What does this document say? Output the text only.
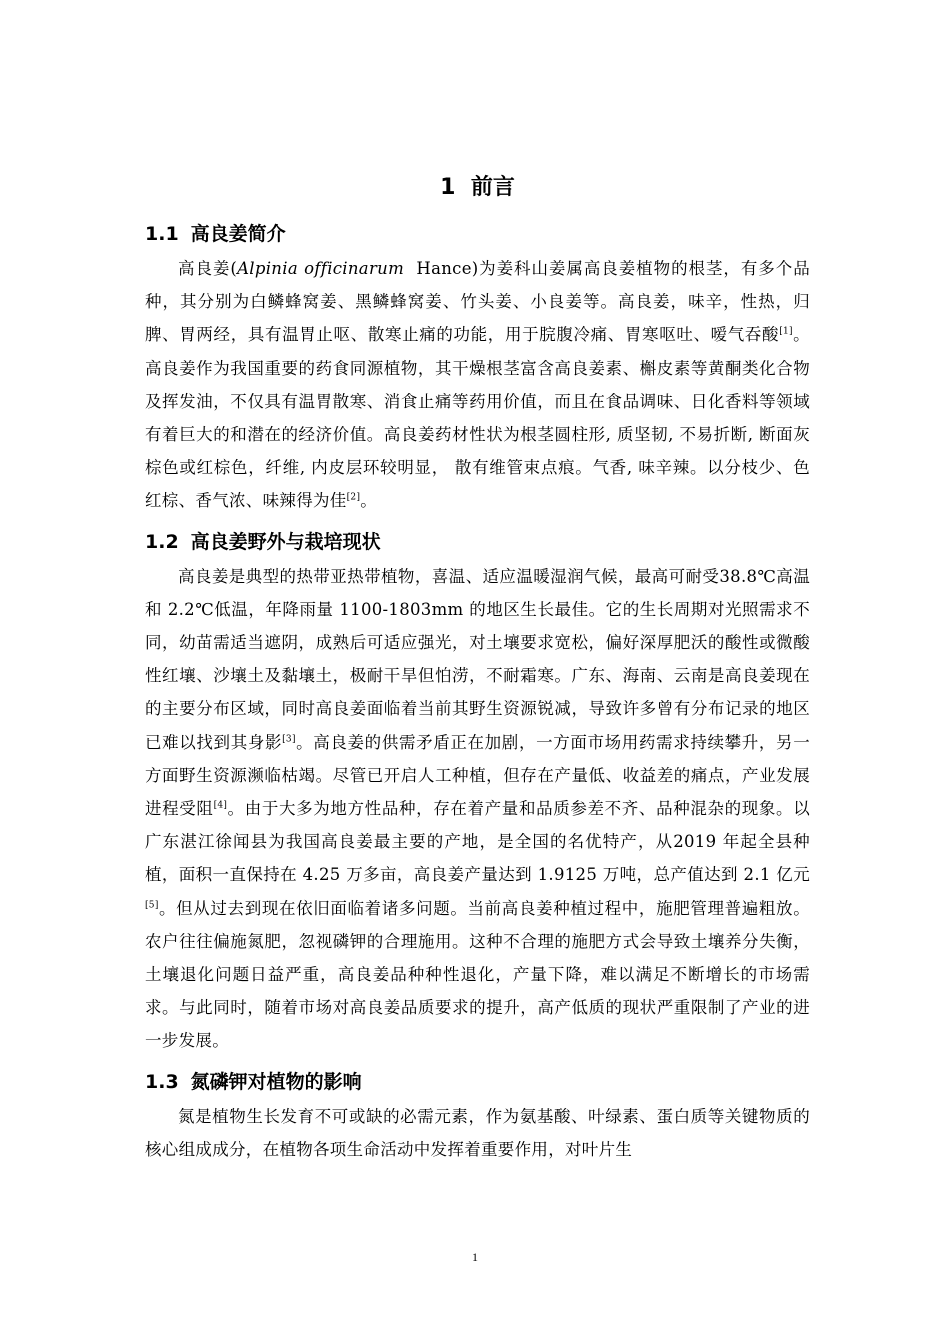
1 前言
1.1 高良姜简介

高良姜(Alpinia officinarum  Hance)为姜科山姜属高良姜植物的根茎，有多个品种，其分别为白鳞蜂窝姜、黑鳞蜂窝姜、竹头姜、小良姜等。高良姜，味辛，性热，归脾、胃两经，具有温胃止呕、散寒止痛的功能，用于脘腹冷痛、胃寒呕吐、嗳气吞酸[1]。高良姜作为我国重要的药食同源植物，其干燥根茎富含高良姜素、槲皮素等黄酮类化合物及挥发油，不仅具有温胃散寒、消食止痛等药用价值，而且在食品调味、日化香料等领域有着巨大的和潜在的经济价值。高良姜药材性状为根茎圆柱形, 质坚韧, 不易折断, 断面灰棕色或红棕色，纤维, 内皮层环较明显， 散有维管束点痕。气香, 味辛辣。以分枝少、色红棕、香气浓、味辣得为佳[2]。

1.2 高良姜野外与栽培现状

高良姜是典型的热带亚热带植物，喜温、适应温暖湿润气候，最高可耐受38.8℃高温和 2.2℃低温，年降雨量 1100-1803mm 的地区生长最佳。它的生长周期对光照需求不同，幼苗需适当遮阴，成熟后可适应强光，对土壤要求宽松，偏好深厚肥沃的酸性或微酸性红壤、沙壤土及黏壤土，极耐干旱但怕涝，不耐霜寒。广东、海南、云南是高良姜现在的主要分布区域，同时高良姜面临着当前其野生资源锐减，导致许多曾有分布记录的地区已难以找到其身影[3]。高良姜的供需矛盾正在加剧，一方面市场用药需求持续攀升，另一方面野生资源濒临枯竭。尽管已开启人工种植，但存在产量低、收益差的痛点，产业发展进程受阻[4]。由于大多为地方性品种，存在着产量和品质参差不齐、品种混杂的现象。以广东湛江徐闻县为我国高良姜最主要的产地，是全国的名优特产，从2019 年起全县种植，面积一直保持在 4.25 万多亩，高良姜产量达到 1.9125 万吨，总产值达到 2.1 亿元[5]。但从过去到现在依旧面临着诸多问题。当前高良姜种植过程中，施肥管理普遍粗放。农户往往偏施氮肥，忽视磷钾的合理施用。这种不合理的施肥方式会导致土壤养分失衡，土壤退化问题日益严重，高良姜品种种性退化，产量下降，难以满足不断增长的市场需求。与此同时，随着市场对高良姜品质要求的提升，高产低质的现状严重限制了产业的进一步发展。

1.3 氮磷钾对植物的影响

氮是植物生长发育不可或缺的必需元素，作为氨基酸、叶绿素、蛋白质等关键物质的核心组成成分，在植物各项生命活动中发挥着重要作用，对叶片生

1
